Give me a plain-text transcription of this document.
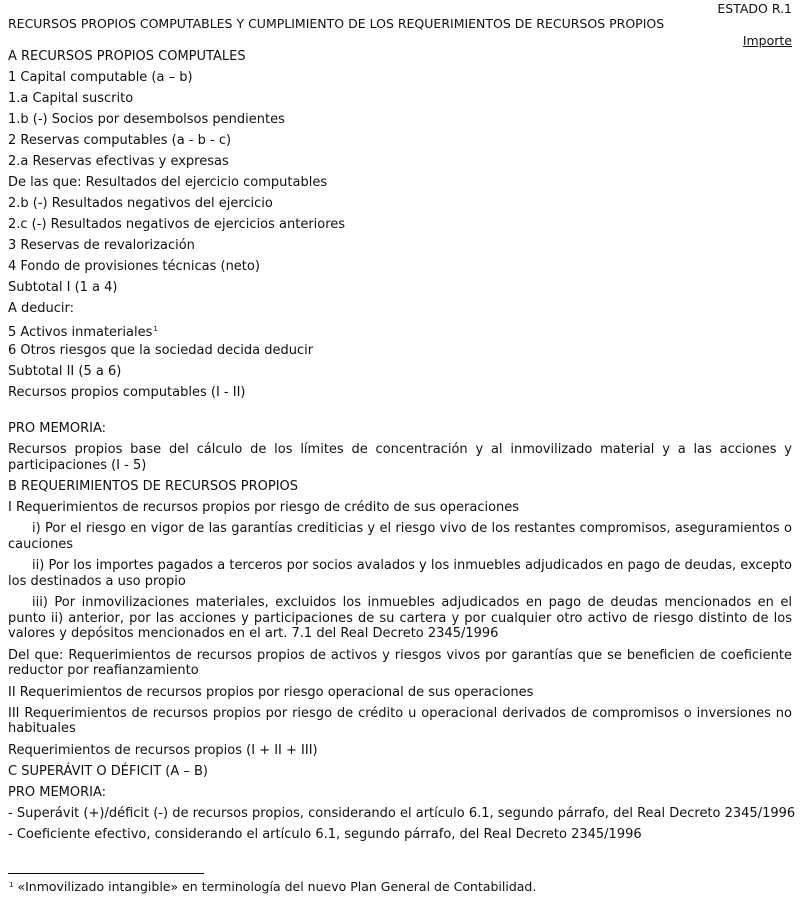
ESTADO R.1
RECURSOS PROPIOS COMPUTABLES Y CUMPLIMIENTO DE LOS REQUERIMIENTOS DE RECURSOS PROPIOS
Importe
A RECURSOS PROPIOS COMPUTALES
1 Capital computable (a – b)
1.a Capital suscrito
1.b (-) Socios por desembolsos pendientes
2 Reservas computables (a - b - c)
2.a Reservas efectivas y expresas
De las que: Resultados del ejercicio computables
2.b (-) Resultados negativos del ejercicio
2.c (-) Resultados negativos de ejercicios anteriores
3 Reservas de revalorización
4 Fondo de provisiones técnicas (neto)
Subtotal I (1 a 4)
A deducir:
5 Activos inmateriales$^1$
6 Otros riesgos que la sociedad decida deducir
Subtotal II (5 a 6)
Recursos propios computables (I - II)
PRO MEMORIA:
Recursos propios base del cálculo de los límites de concentración y al inmovilizado material y a las acciones y participaciones (I - 5)
B REQUERIMIENTOS DE RECURSOS PROPIOS
I Requerimientos de recursos propios por riesgo de crédito de sus operaciones
i) Por el riesgo en vigor de las garantías crediticias y el riesgo vivo de los restantes compromisos, aseguramientos o cauciones
ii) Por los importes pagados a terceros por socios avalados y los inmuebles adjudicados en pago de deudas, excepto los destinados a uso propio
iii) Por inmovilizaciones materiales, excluidos los inmuebles adjudicados en pago de deudas mencionados en el punto ii) anterior, por las acciones y participaciones de su cartera y por cualquier otro activo de riesgo distinto de los valores y depósitos mencionados en el art. 7.1 del Real Decreto 2345/1996
Del que: Requerimientos de recursos propios de activos y riesgos vivos por garantías que se beneficien de coeficiente reductor por reafianzamiento
II Requerimientos de recursos propios por riesgo operacional de sus operaciones
III Requerimientos de recursos propios por riesgo de crédito u operacional derivados de compromisos o inversiones no habituales
Requerimientos de recursos propios (I + II + III)
C SUPERÁVIT O DÉFICIT (A – B)
PRO MEMORIA:
- Superávit (+)/déficit (-) de recursos propios, considerando el artículo 6.1, segundo párrafo, del Real Decreto 2345/1996
- Coeficiente efectivo, considerando el artículo 6.1, segundo párrafo, del Real Decreto 2345/1996
$^1$ «Inmovilizado intangible» en terminología del nuevo Plan General de Contabilidad.
